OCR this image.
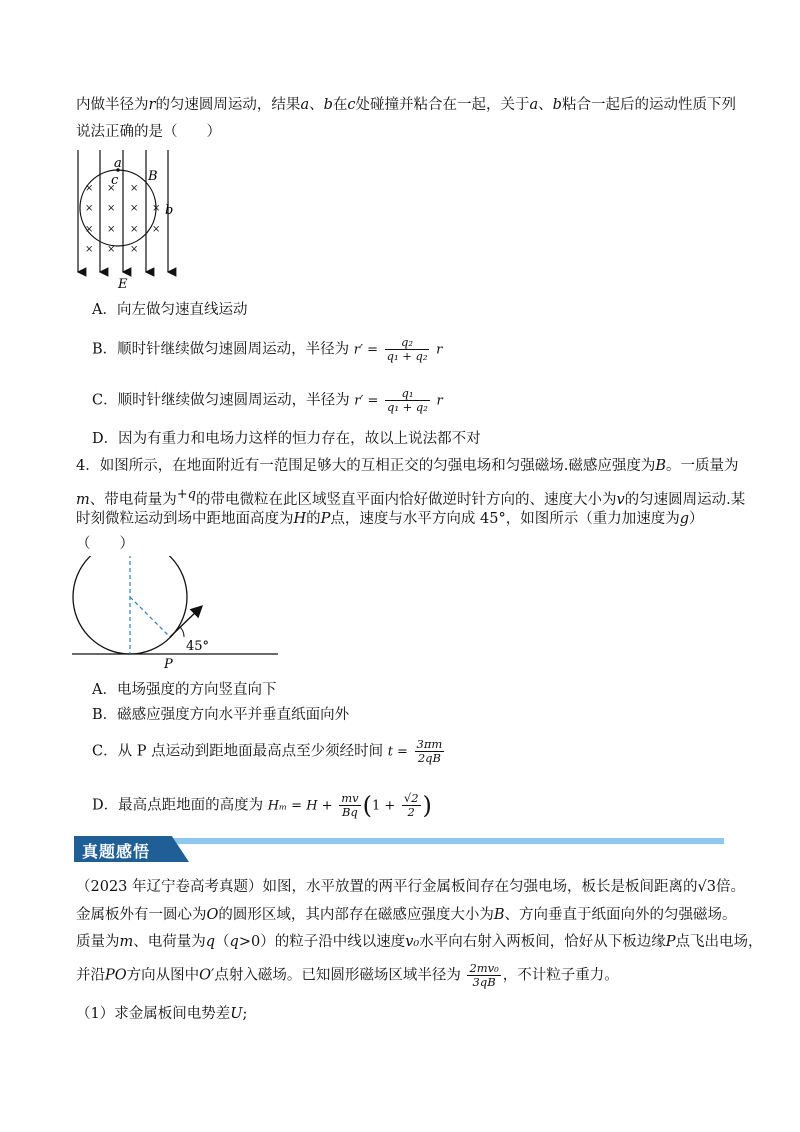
内做半径为r的匀速圆周运动，结果a、b在c处碰撞并粘合在一起，关于a、b粘合一起后的运动性质下列
说法正确的是（　　）
× × ×
× × × ×
× × × ×
× × ×
a
c B
b
E
A．向左做匀速直线运动
B．顺时针继续做匀速圆周运动，半径为 $r' = \frac{\text{q₂}}{\text{q₁ + q₂}}$ r
C．顺时针继续做匀速圆周运动，半径为 $r' = \frac{\text{q₁}}{\text{q₁ + q₂}}$ r
D．因为有重力和电场力这样的恒力存在，故以上说法都不对
4．如图所示，在地面附近有一范围足够大的互相正交的匀强电场和匀强磁场.磁感应强度为B。一质量为
m、带电荷量为$^{+q}$的带电微粒在此区域竖直平面内恰好做逆时针方向的、速度大小为v的匀速圆周运动.某
时刻微粒运动到场中距地面高度为H的P点，速度与水平方向成 45°，如图所示（重力加速度为g）
（　　）
45°
P
A．电场强度的方向竖直向下
B．磁感应强度方向水平并垂直纸面向外
C．从 P 点运动到距地面最高点至少须经时间 $t = \frac{3\pi m}{2qB}$
D．最高点距地面的高度为 $H_m = H + \frac{mv}{Bq} (1 + \frac{√2}{2}$ )
真题感悟
（2023 年辽宁卷高考真题）如图，水平放置的两平行金属板间存在匀强电场，板长是板间距离的√3倍。
金属板外有一圆心为O的圆形区域，其内部存在磁感应强度大小为B、方向垂直于纸面向外的匀强磁场。
质量为m、电荷量为q（q>0）的粒子沿中线以速度v₀水平向右射入两板间，恰好从下板边缘P点飞出电场，
并沿PO方向从图中O′点射入磁场。已知圆形磁场区域半径为 $\frac{\text{2mv₀}}{3qB}$ ，不计粒子重力。
（1）求金属板间电势差U;
